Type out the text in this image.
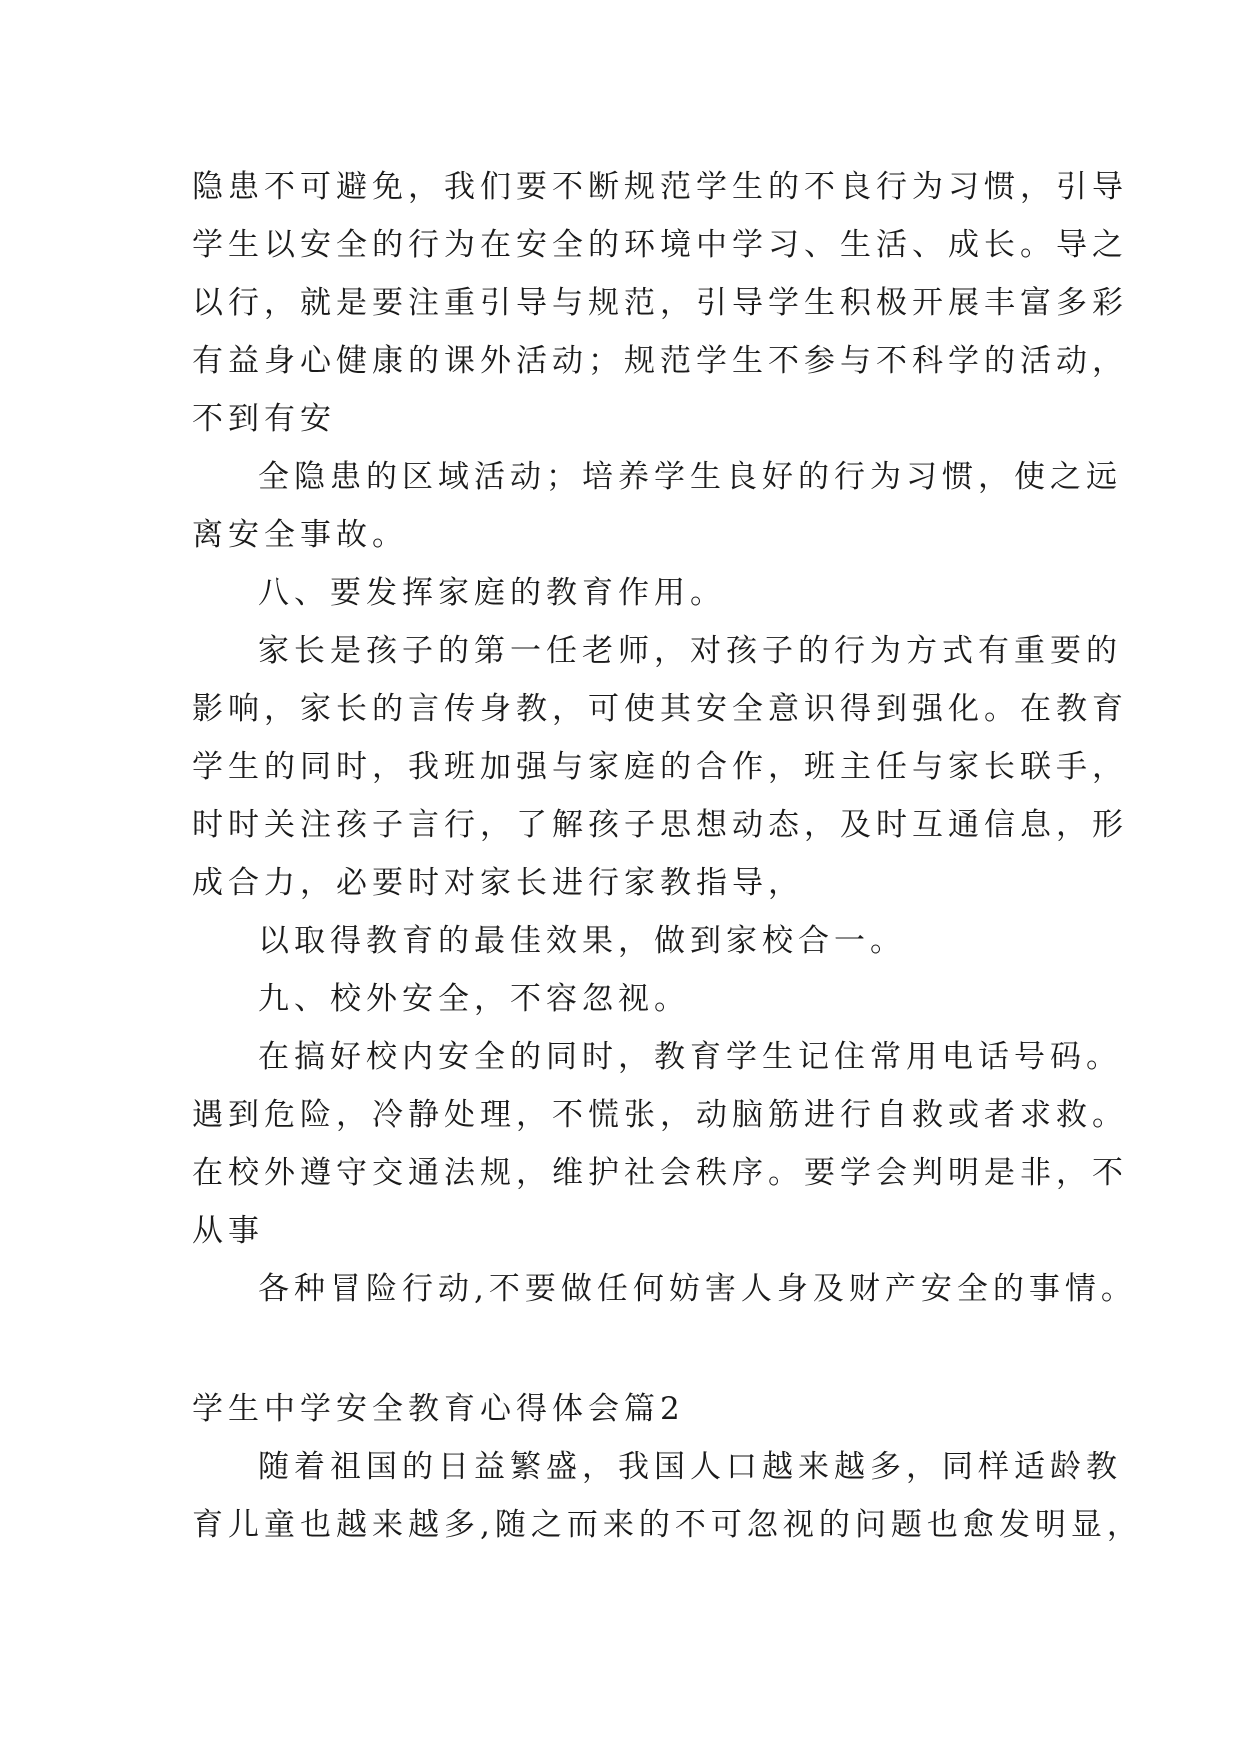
隐患不可避免，我们要不断规范学生的不良行为习惯，引导
学生以安全的行为在安全的环境中学习、生活、成长。导之
以行，就是要注重引导与规范，引导学生积极开展丰富多彩
有益身心健康的课外活动；规范学生不参与不科学的活动，
不到有安
全隐患的区域活动；培养学生良好的行为习惯，使之远
离安全事故。
八、要发挥家庭的教育作用。
家长是孩子的第一任老师，对孩子的行为方式有重要的
影响，家长的言传身教，可使其安全意识得到强化。在教育
学生的同时，我班加强与家庭的合作，班主任与家长联手，
时时关注孩子言行，了解孩子思想动态，及时互通信息，形
成合力，必要时对家长进行家教指导，
以取得教育的最佳效果，做到家校合一。
九、校外安全，不容忽视。
在搞好校内安全的同时，教育学生记住常用电话号码。
遇到危险，冷静处理，不慌张，动脑筋进行自救或者求救。
在校外遵守交通法规，维护社会秩序。要学会判明是非，不
从事
各种冒险行动,不要做任何妨害人身及财产安全的事情。
学生中学安全教育心得体会篇2
随着祖国的日益繁盛，我国人口越来越多，同样适龄教
育儿童也越来越多,随之而来的不可忽视的问题也愈发明显，
